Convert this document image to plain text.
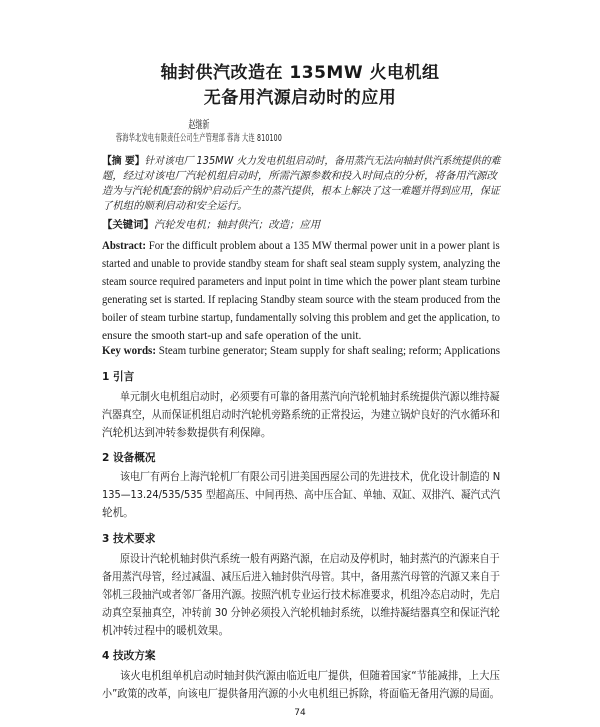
轴封供汽改造在 135MW 火电机组
无备用汽源启动时的应用
赵继新
蓉海华北发电有限责任公司生产管理部 蓉海 大连 810100
【摘 要】针对该电厂 135MW 火力发电机组启动时，备用蒸汽无法向轴封供汽系统提供的难
题，经过对该电厂汽轮机组启动时，所需汽源参数和投入时间点的分析，将备用汽源改
造为与汽轮机配套的锅炉启动后产生的蒸汽提供，根本上解决了这一难题并得到应用，保证
了机组的顺利启动和安全运行。
【关键词】汽轮发电机；轴封供汽；改造；应用
Abstract: For the difficult problem about a 135 MW thermal power unit in a power plant is
started and unable to provide standby steam for shaft seal steam supply system, analyzing the
steam source required parameters and input point in time which the power plant steam turbine
generating set is started. If replacing Standby steam source with the steam produced from the
boiler of steam turbine startup, fundamentally solving this problem and get the application, to
ensure the smooth start-up and safe operation of the unit.
Key words: Steam turbine generator; Steam supply for shaft sealing; reform; Applications
1 引言
单元制火电机组启动时，必须要有可靠的备用蒸汽向汽轮机轴封系统提供汽源以维持凝
汽器真空，从而保证机组启动时汽轮机旁路系统的正常投运，为建立锅炉良好的汽水循环和
汽轮机达到冲转参数提供有利保障。
2 设备概况
该电厂有两台上海汽轮机厂有限公司引进美国西屋公司的先进技术，优化设计制造的 N
135—13.24/535/535 型超高压、中间再热、高中压合缸、单轴、双缸、双排汽、凝汽式汽
轮机。
3 技术要求
原设计汽轮机轴封供汽系统一般有两路汽源，在启动及停机时，轴封蒸汽的汽源来自于
备用蒸汽母管，经过减温、减压后进入轴封供汽母管。其中，备用蒸汽母管的汽源又来自于
邻机三段抽汽或者邻厂备用汽源。按照汽机专业运行技术标准要求，机组冷态启动时，先启
动真空泵抽真空，冲转前 30 分钟必须投入汽轮机轴封系统，以维持凝结器真空和保证汽轮
机冲转过程中的暖机效果。
4 技改方案
该火电机组单机启动时轴封供汽源由临近电厂提供，但随着国家“节能减排，上大压
小”政策的改革，向该电厂提供备用汽源的小火电机组已拆除，将面临无备用汽源的局面。
74
